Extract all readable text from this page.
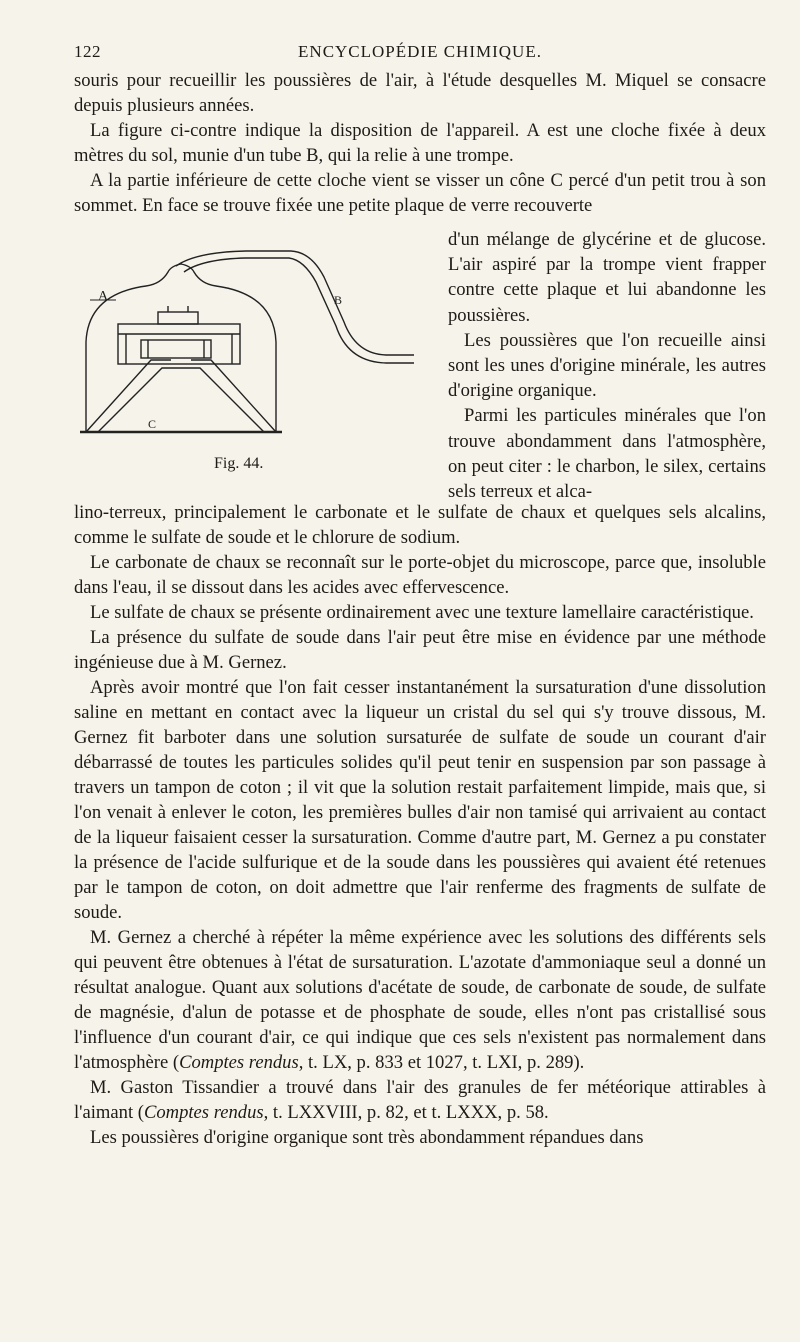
122	ENCYCLOPÉDIE CHIMIQUE.

souris pour recueillir les poussières de l'air, à l'étude desquelles M. Miquel se consacre depuis plusieurs années.

La figure ci-contre indique la disposition de l'appareil. A est une cloche fixée à deux mètres du sol, munie d'un tube B, qui la relie à une trompe.

A la partie inférieure de cette cloche vient se visser un cône C percé d'un petit trou à son sommet. En face se trouve fixée une petite plaque de verre recouverte

A	B
C
Fig. 44.

d'un mélange de glycérine et de glucose. L'air aspiré par la trompe vient frapper contre cette plaque et lui abandonne les poussières.

Les poussières que l'on recueille ainsi sont les unes d'origine minérale, les autres d'origine organique.

Parmi les particules minérales que l'on trouve abondamment dans l'atmosphère, on peut citer : le charbon, le silex, certains sels terreux et alca-

lino-terreux, principalement le carbonate et le sulfate de chaux et quelques sels alcalins, comme le sulfate de soude et le chlorure de sodium.

Le carbonate de chaux se reconnaît sur le porte-objet du microscope, parce que, insoluble dans l'eau, il se dissout dans les acides avec effervescence.

Le sulfate de chaux se présente ordinairement avec une texture lamellaire caractéristique.

La présence du sulfate de soude dans l'air peut être mise en évidence par une méthode ingénieuse due à M. Gernez.

Après avoir montré que l'on fait cesser instantanément la sursaturation d'une dissolution saline en mettant en contact avec la liqueur un cristal du sel qui s'y trouve dissous, M. Gernez fit barboter dans une solution sursaturée de sulfate de soude un courant d'air débarrassé de toutes les particules solides qu'il peut tenir en suspension par son passage à travers un tampon de coton ; il vit que la solution restait parfaitement limpide, mais que, si l'on venait à enlever le coton, les premières bulles d'air non tamisé qui arrivaient au contact de la liqueur faisaient cesser la sursaturation. Comme d'autre part, M. Gernez a pu constater la présence de l'acide sulfurique et de la soude dans les poussières qui avaient été retenues par le tampon de coton, on doit admettre que l'air renferme des fragments de sulfate de soude.

M. Gernez a cherché à répéter la même expérience avec les solutions des différents sels qui peuvent être obtenues à l'état de sursaturation. L'azotate d'ammoniaque seul a donné un résultat analogue. Quant aux solutions d'acétate de soude, de carbonate de soude, de sulfate de magnésie, d'alun de potasse et de phosphate de soude, elles n'ont pas cristallisé sous l'influence d'un courant d'air, ce qui indique que ces sels n'existent pas normalement dans l'atmosphère (Comptes rendus, t. LX, p. 833 et 1027, t. LXI, p. 289).

M. Gaston Tissandier a trouvé dans l'air des granules de fer météorique attirables à l'aimant (Comptes rendus, t. LXXVIII, p. 82, et t. LXXX, p. 58.

Les poussières d'origine organique sont très abondamment répandues dans
